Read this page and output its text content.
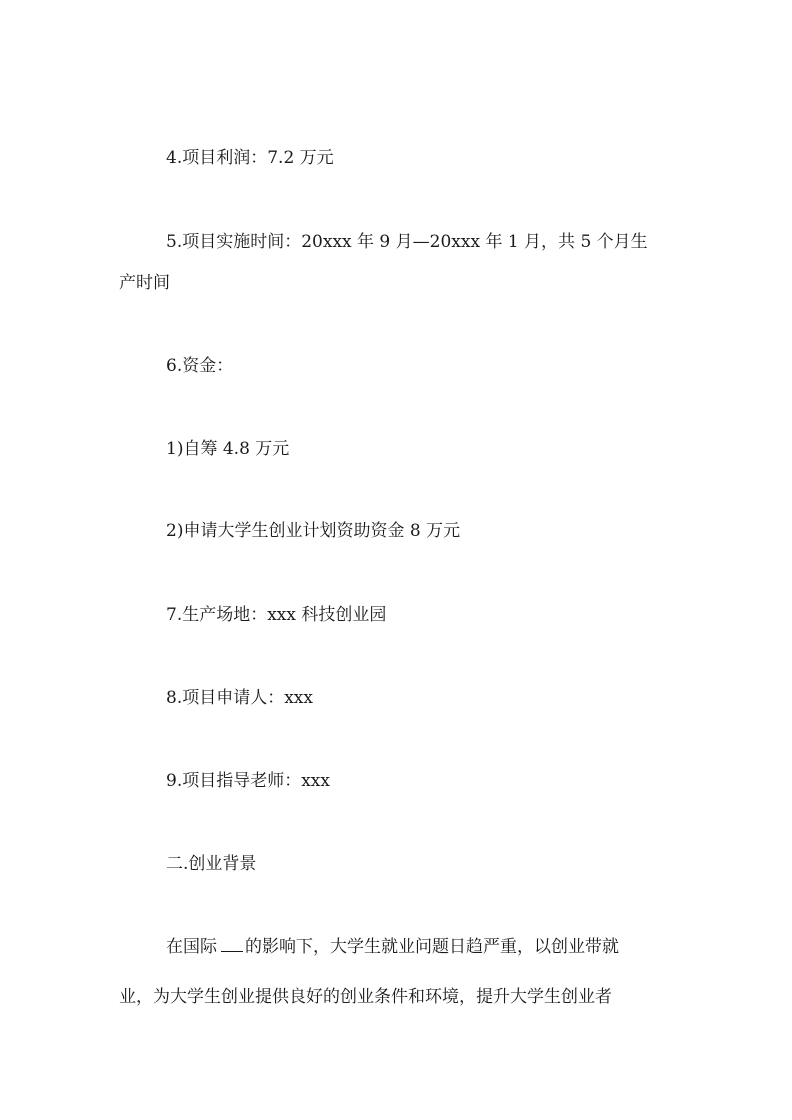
4.项目利润：7.2 万元
5.项目实施时间：20xxx 年 9 月—20xxx 年 1 月，共 5 个月生
产时间
6.资金：
1)自筹 4.8 万元
2)申请大学生创业计划资助资金 8 万元
7.生产场地：xxx 科技创业园
8.项目申请人：xxx
9.项目指导老师：xxx
二.创业背景
在国际 的影响下，大学生就业问题日趋严重，以创业带就
业，为大学生创业提供良好的创业条件和环境，提升大学生创业者
